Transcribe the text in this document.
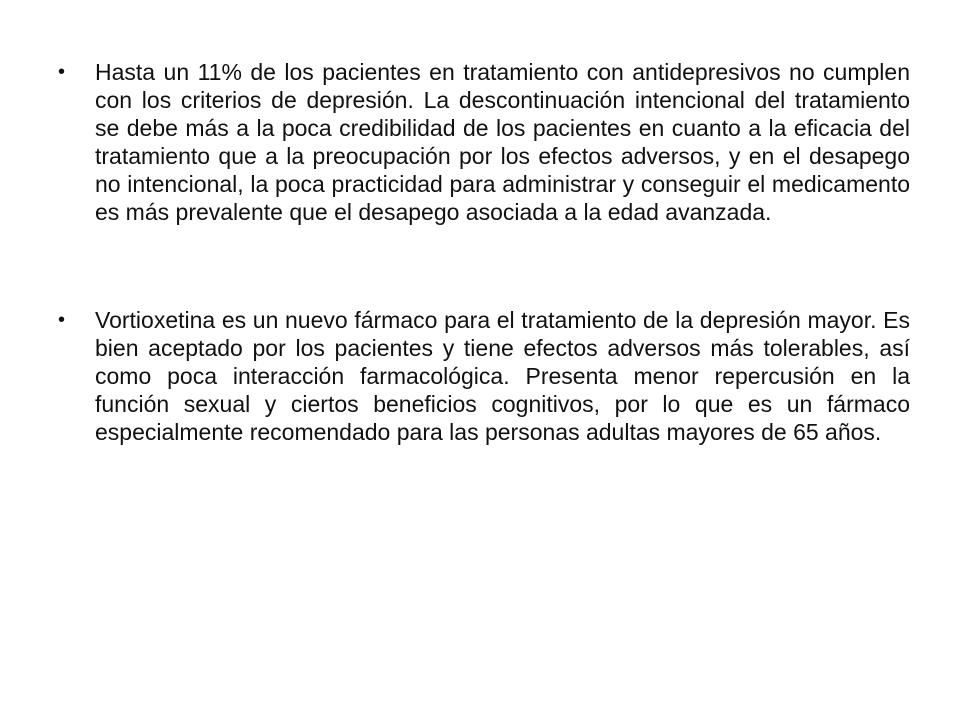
• Hasta un 11% de los pacientes en tratamiento con antidepresivos no cumplen con los criterios de depresión. La descontinuación intencional del tratamiento se debe más a la poca credibilidad de los pacientes en cuanto a la eficacia del tratamiento que a la preocupación por los efectos adversos, y en el desapego no intencional, la poca practicidad para administrar y conseguir el medicamento es más prevalente que el desapego asociada a la edad avanzada.
• Vortioxetina es un nuevo fármaco para el tratamiento de la depresión mayor. Es bien aceptado por los pacientes y tiene efectos adversos más tolerables, así como poca interacción farmacológica. Presenta menor repercusión en la función sexual y ciertos beneficios cognitivos, por lo que es un fármaco especialmente recomendado para las personas adultas mayores de 65 años.
